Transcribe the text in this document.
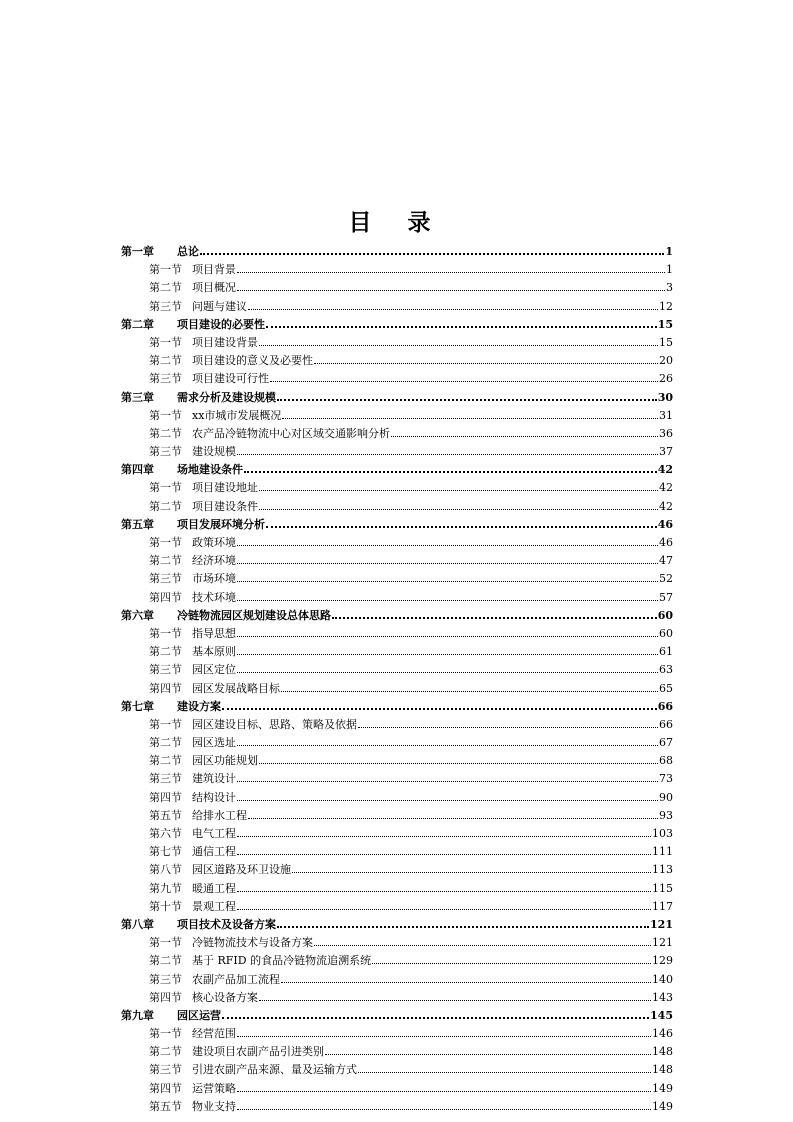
目 录
第一章	总论	1
第一节 项目背景	1
第二节 项目概况	3
第三节 问题与建议	12
第二章	项目建设的必要性	15
第一节 项目建设背景	15
第二节 项目建设的意义及必要性	20
第三节 项目建设可行性	26
第三章	需求分析及建设规模	30
第一节 xx市城市发展概况	31
第二节 农产品冷链物流中心对区域交通影响分析	36
第三节 建设规模	37
第四章	场地建设条件	42
第一节 项目建设地址	42
第二节 项目建设条件	42
第五章	项目发展环境分析	46
第一节 政策环境	46
第二节 经济环境	47
第三节 市场环境	52
第四节 技术环境	57
第六章	冷链物流园区规划建设总体思路	60
第一节 指导思想	60
第二节 基本原则	61
第三节 园区定位	63
第四节 园区发展战略目标	65
第七章	建设方案	66
第一节 园区建设目标、思路、策略及依据	66
第二节 园区选址	67
第二节 园区功能规划	68
第三节 建筑设计	73
第四节 结构设计	90
第五节 给排水工程	93
第六节 电气工程	103
第七节 通信工程	111
第八节 园区道路及环卫设施	113
第九节 暖通工程	115
第十节 景观工程	117
第八章	项目技术及设备方案	121
第一节 冷链物流技术与设备方案	121
第二节 基于 RFID 的食品冷链物流追溯系统	129
第三节 农副产品加工流程	140
第四节 核心设备方案	143
第九章	园区运营	145
第一节 经营范围	146
第二节 建设项目农副产品引进类别	148
第三节 引进农副产品来源、量及运输方式	148
第四节 运营策略	149
第五节 物业支持	149
